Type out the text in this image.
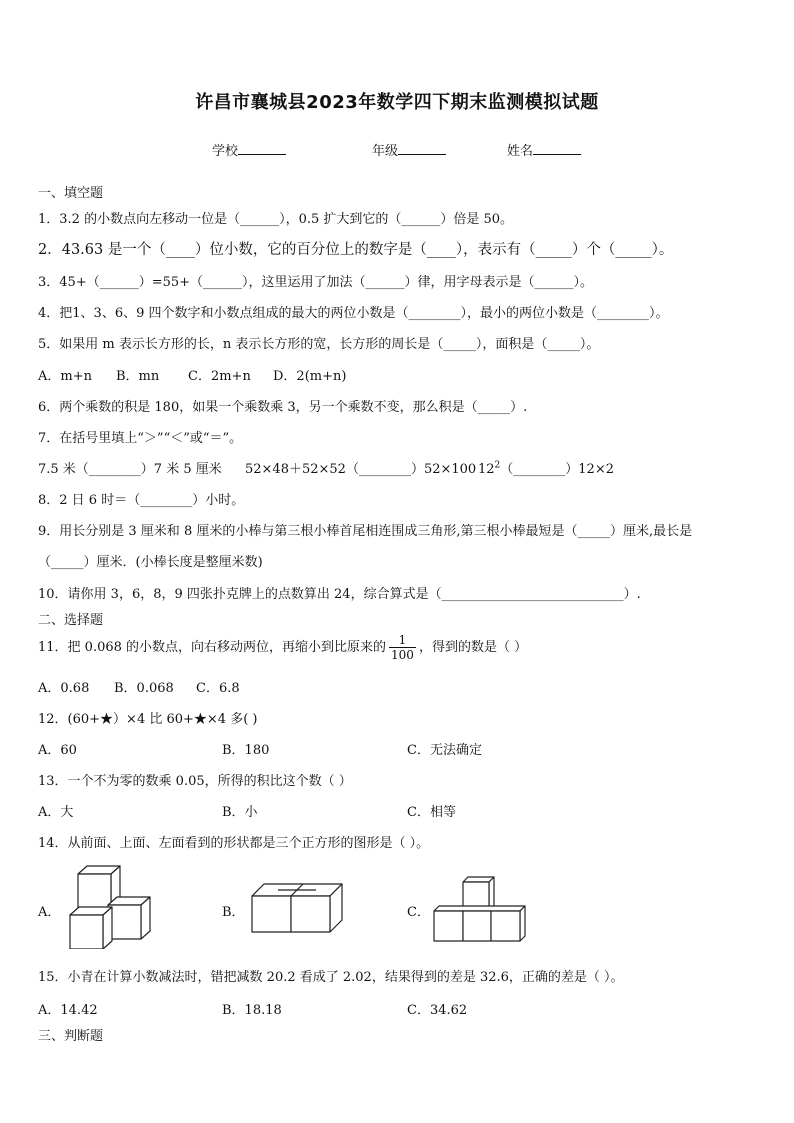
许昌市襄城县2023年数学四下期末监测模拟试题
学校	年级	姓名
一、填空题
1．3.2 的小数点向左移动一位是（______），0.5 扩大到它的（______）倍是 50。
2．43.63 是一个（____）位小数，它的百分位上的数字是（____），表示有（_____）个（_____）。
3．45+（______）=55+（______），这里运用了加法（______）律，用字母表示是（______）。
4．把1、3、6、9 四个数字和小数点组成的最大的两位小数是（________），最小的两位小数是（________）。
5．如果用 m 表示长方形的长，n 表示长方形的宽，长方形的周长是（_____），面积是（_____）。
A．m+n B．mn C．2m+n D．2(m+n)
6．两个乘数的积是 180，如果一个乘数乘 3，另一个乘数不变，那么积是（_____）.
7．在括号里填上“＞”“＜”或“＝”。
7.5 米（________）7 米 5 厘米 52×48＋52×52（________）52×100 $12^2(\_\_\_\_\_\_\_\_)12\times 2$
8．2 日 6 时＝（________）小时。
9．用长分别是 3 厘米和 8 厘米的小棒与第三根小棒首尾相连围成三角形,第三根小棒最短是（_____）厘米,最长是
（_____）厘米．(小棒长度是整厘米数)
10．请你用 3，6，8，9 四张扑克牌上的点数算出 24，综合算式是（____________________________）.
二、选择题
11．把 0.068 的小数点，向右移动两位，再缩小到比原来的 $\frac{1}{100}$ ，得到的数是（ ）
A．0.68 B．0.068 C．6.8
12．(60+★）×4 比 60+★×4 多( )
A．60	B．180	C．无法确定
13．一个不为零的数乘 0.05，所得的积比这个数（ ）
A．大	B．小	C．相等
14．从前面、上面、左面看到的形状都是三个正方形的图形是（ ）。
A．	B．	C．
15．小青在计算小数减法时，错把减数 20.2 看成了 2.02，结果得到的差是 32.6，正确的差是（ ）。
A．14.42	B．18.18	C．34.62
三、判断题
